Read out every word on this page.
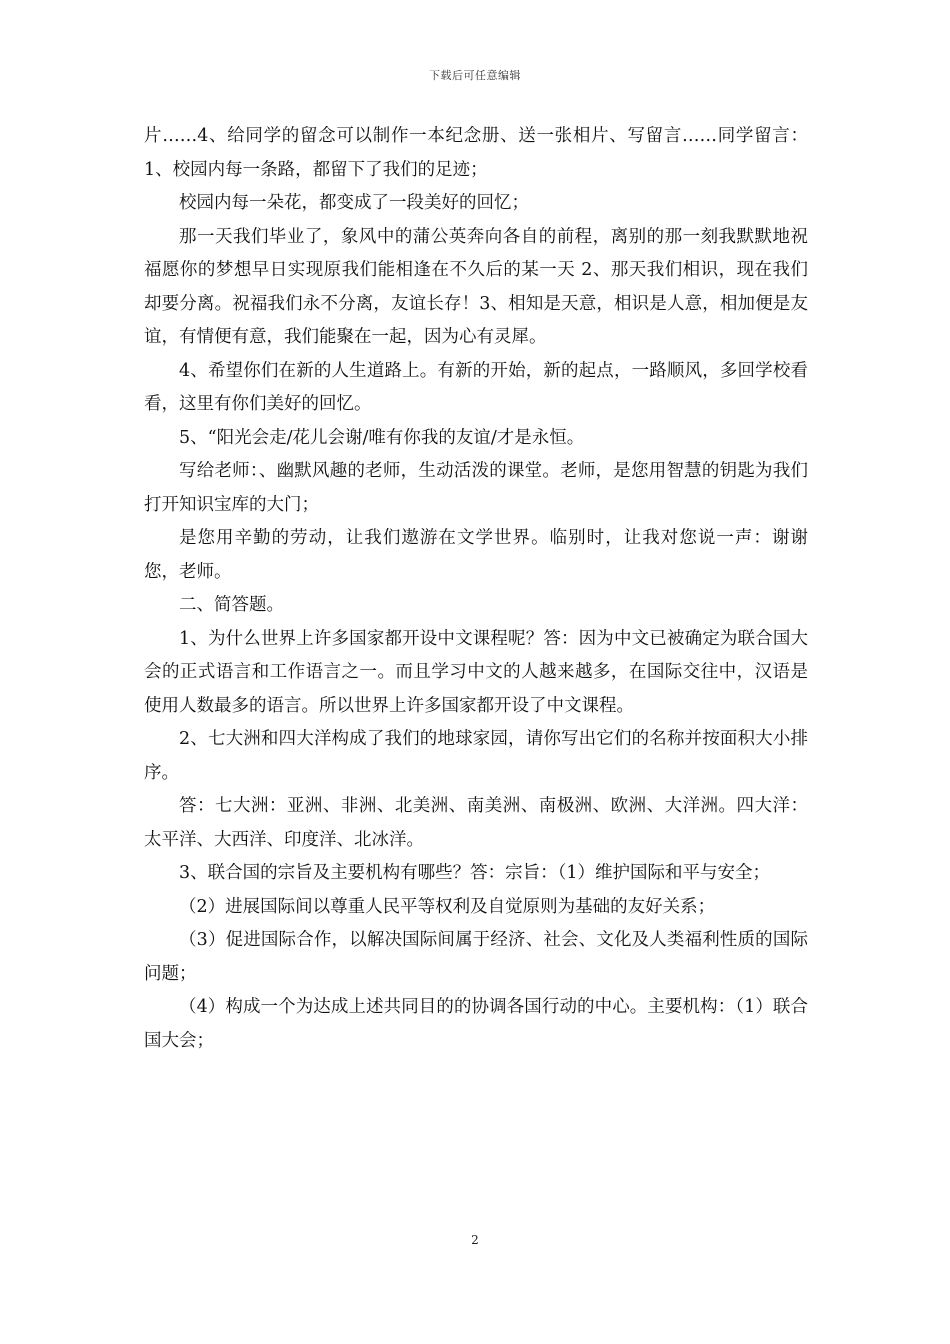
下载后可任意编辑

片……4、给同学的留念可以制作一本纪念册、送一张相片、写留言……同学留言：1、校园内每一条路，都留下了我们的足迹；

校园内每一朵花，都变成了一段美好的回忆；

那一天我们毕业了，象风中的蒲公英奔向各自的前程，离别的那一刻我默默地祝福愿你的梦想早日实现原我们能相逢在不久后的某一天 2、那天我们相识，现在我们却要分离。祝福我们永不分离，友谊长存！3、相知是天意，相识是人意，相加便是友谊，有情便有意，我们能聚在一起，因为心有灵犀。

4、希望你们在新的人生道路上。有新的开始，新的起点，一路顺风，多回学校看看，这里有你们美好的回忆。

5、“阳光会走/花儿会谢/唯有你我的友谊/才是永恒。

写给老师：、幽默风趣的老师，生动活泼的课堂。老师，是您用智慧的钥匙为我们打开知识宝库的大门；

是您用辛勤的劳动，让我们遨游在文学世界。临别时，让我对您说一声：谢谢您，老师。

二、简答题。

1、为什么世界上许多国家都开设中文课程呢？答：因为中文已被确定为联合国大会的正式语言和工作语言之一。而且学习中文的人越来越多，在国际交往中，汉语是使用人数最多的语言。所以世界上许多国家都开设了中文课程。

2、七大洲和四大洋构成了我们的地球家园，请你写出它们的名称并按面积大小排序。

答：七大洲：亚洲、非洲、北美洲、南美洲、南极洲、欧洲、大洋洲。四大洋：太平洋、大西洋、印度洋、北冰洋。

3、联合国的宗旨及主要机构有哪些？答：宗旨：（1）维护国际和平与安全；

（2）进展国际间以尊重人民平等权利及自觉原则为基础的友好关系；

（3）促进国际合作，以解决国际间属于经济、社会、文化及人类福利性质的国际问题；

（4）构成一个为达成上述共同目的的协调各国行动的中心。主要机构：（1）联合国大会；

2
